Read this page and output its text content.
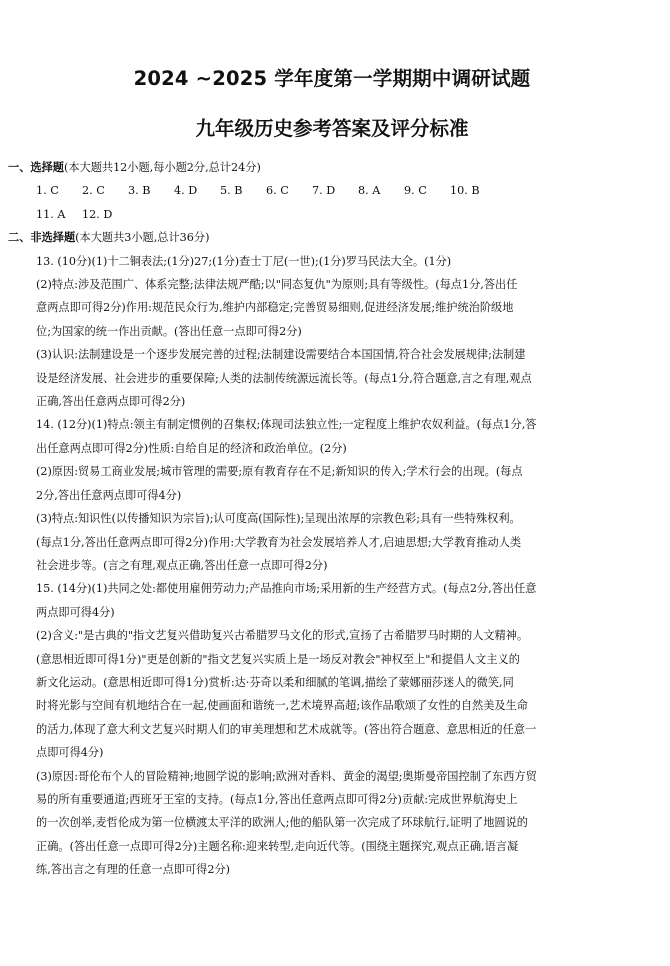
2024 ~2025 学年度第一学期期中调研试题
九年级历史参考答案及评分标准
一、选择题(本大题共12小题,每小题2分,总计24分)
1. C	2. C	3. B	4. D	5. B	6. C	7. D	8. A	9. C	10. B
11. A	12. D
二、非选择题(本大题共3小题,总计36分)
13. (10分)(1)十二铜表法;(1分)27;(1分)查士丁尼(一世);(1分)罗马民法大全。(1分)
(2)特点:涉及范围广、体系完整;法律法规严酷;以"同态复仇"为原则;具有等级性。(每点1分,答出任
意两点即可得2分)作用:规范民众行为,维护内部稳定;完善贸易细则,促进经济发展;维护统治阶级地
位;为国家的统一作出贡献。(答出任意一点即可得2分)
(3)认识:法制建设是一个逐步发展完善的过程;法制建设需要结合本国国情,符合社会发展规律;法制建
设是经济发展、社会进步的重要保障;人类的法制传统源远流长等。(每点1分,符合题意,言之有理,观点
正确,答出任意两点即可得2分)
14. (12分)(1)特点:领主有制定惯例的召集权;体现司法独立性;一定程度上维护农奴利益。(每点1分,答
出任意两点即可得2分)性质:自给自足的经济和政治单位。(2分)
(2)原因:贸易工商业发展;城市管理的需要;原有教育存在不足;新知识的传入;学术行会的出现。(每点
2分,答出任意两点即可得4分)
(3)特点:知识性(以传播知识为宗旨);认可度高(国际性);呈现出浓厚的宗教色彩;具有一些特殊权利。
(每点1分,答出任意两点即可得2分)作用:大学教育为社会发展培养人才,启迪思想;大学教育推动人类
社会进步等。(言之有理,观点正确,答出任意一点即可得2分)
15. (14分)(1)共同之处:都使用雇佣劳动力;产品推向市场;采用新的生产经营方式。(每点2分,答出任意
两点即可得4分)
(2)含义:"是古典的"指文艺复兴借助复兴古希腊罗马文化的形式,宣扬了古希腊罗马时期的人文精神。
(意思相近即可得1分)"更是创新的"指文艺复兴实质上是一场反对教会"神权至上"和提倡人文主义的
新文化运动。(意思相近即可得1分)赏析:达·芬奇以柔和细腻的笔调,描绘了蒙娜丽莎迷人的微笑,同
时将光影与空间有机地结合在一起,使画面和谐统一,艺术境界高超;该作品歌颂了女性的自然美及生命
的活力,体现了意大利文艺复兴时期人们的审美理想和艺术成就等。(答出符合题意、意思相近的任意一
点即可得4分)
(3)原因:哥伦布个人的冒险精神;地圆学说的影响;欧洲对香料、黄金的渴望;奥斯曼帝国控制了东西方贸
易的所有重要通道;西班牙王室的支持。(每点1分,答出任意两点即可得2分)贡献:完成世界航海史上
的一次创举,麦哲伦成为第一位横渡太平洋的欧洲人;他的船队第一次完成了环球航行,证明了地圆说的
正确。(答出任意一点即可得2分)主题名称:迎来转型,走向近代等。(围绕主题探究,观点正确,语言凝
练,答出言之有理的任意一点即可得2分)
